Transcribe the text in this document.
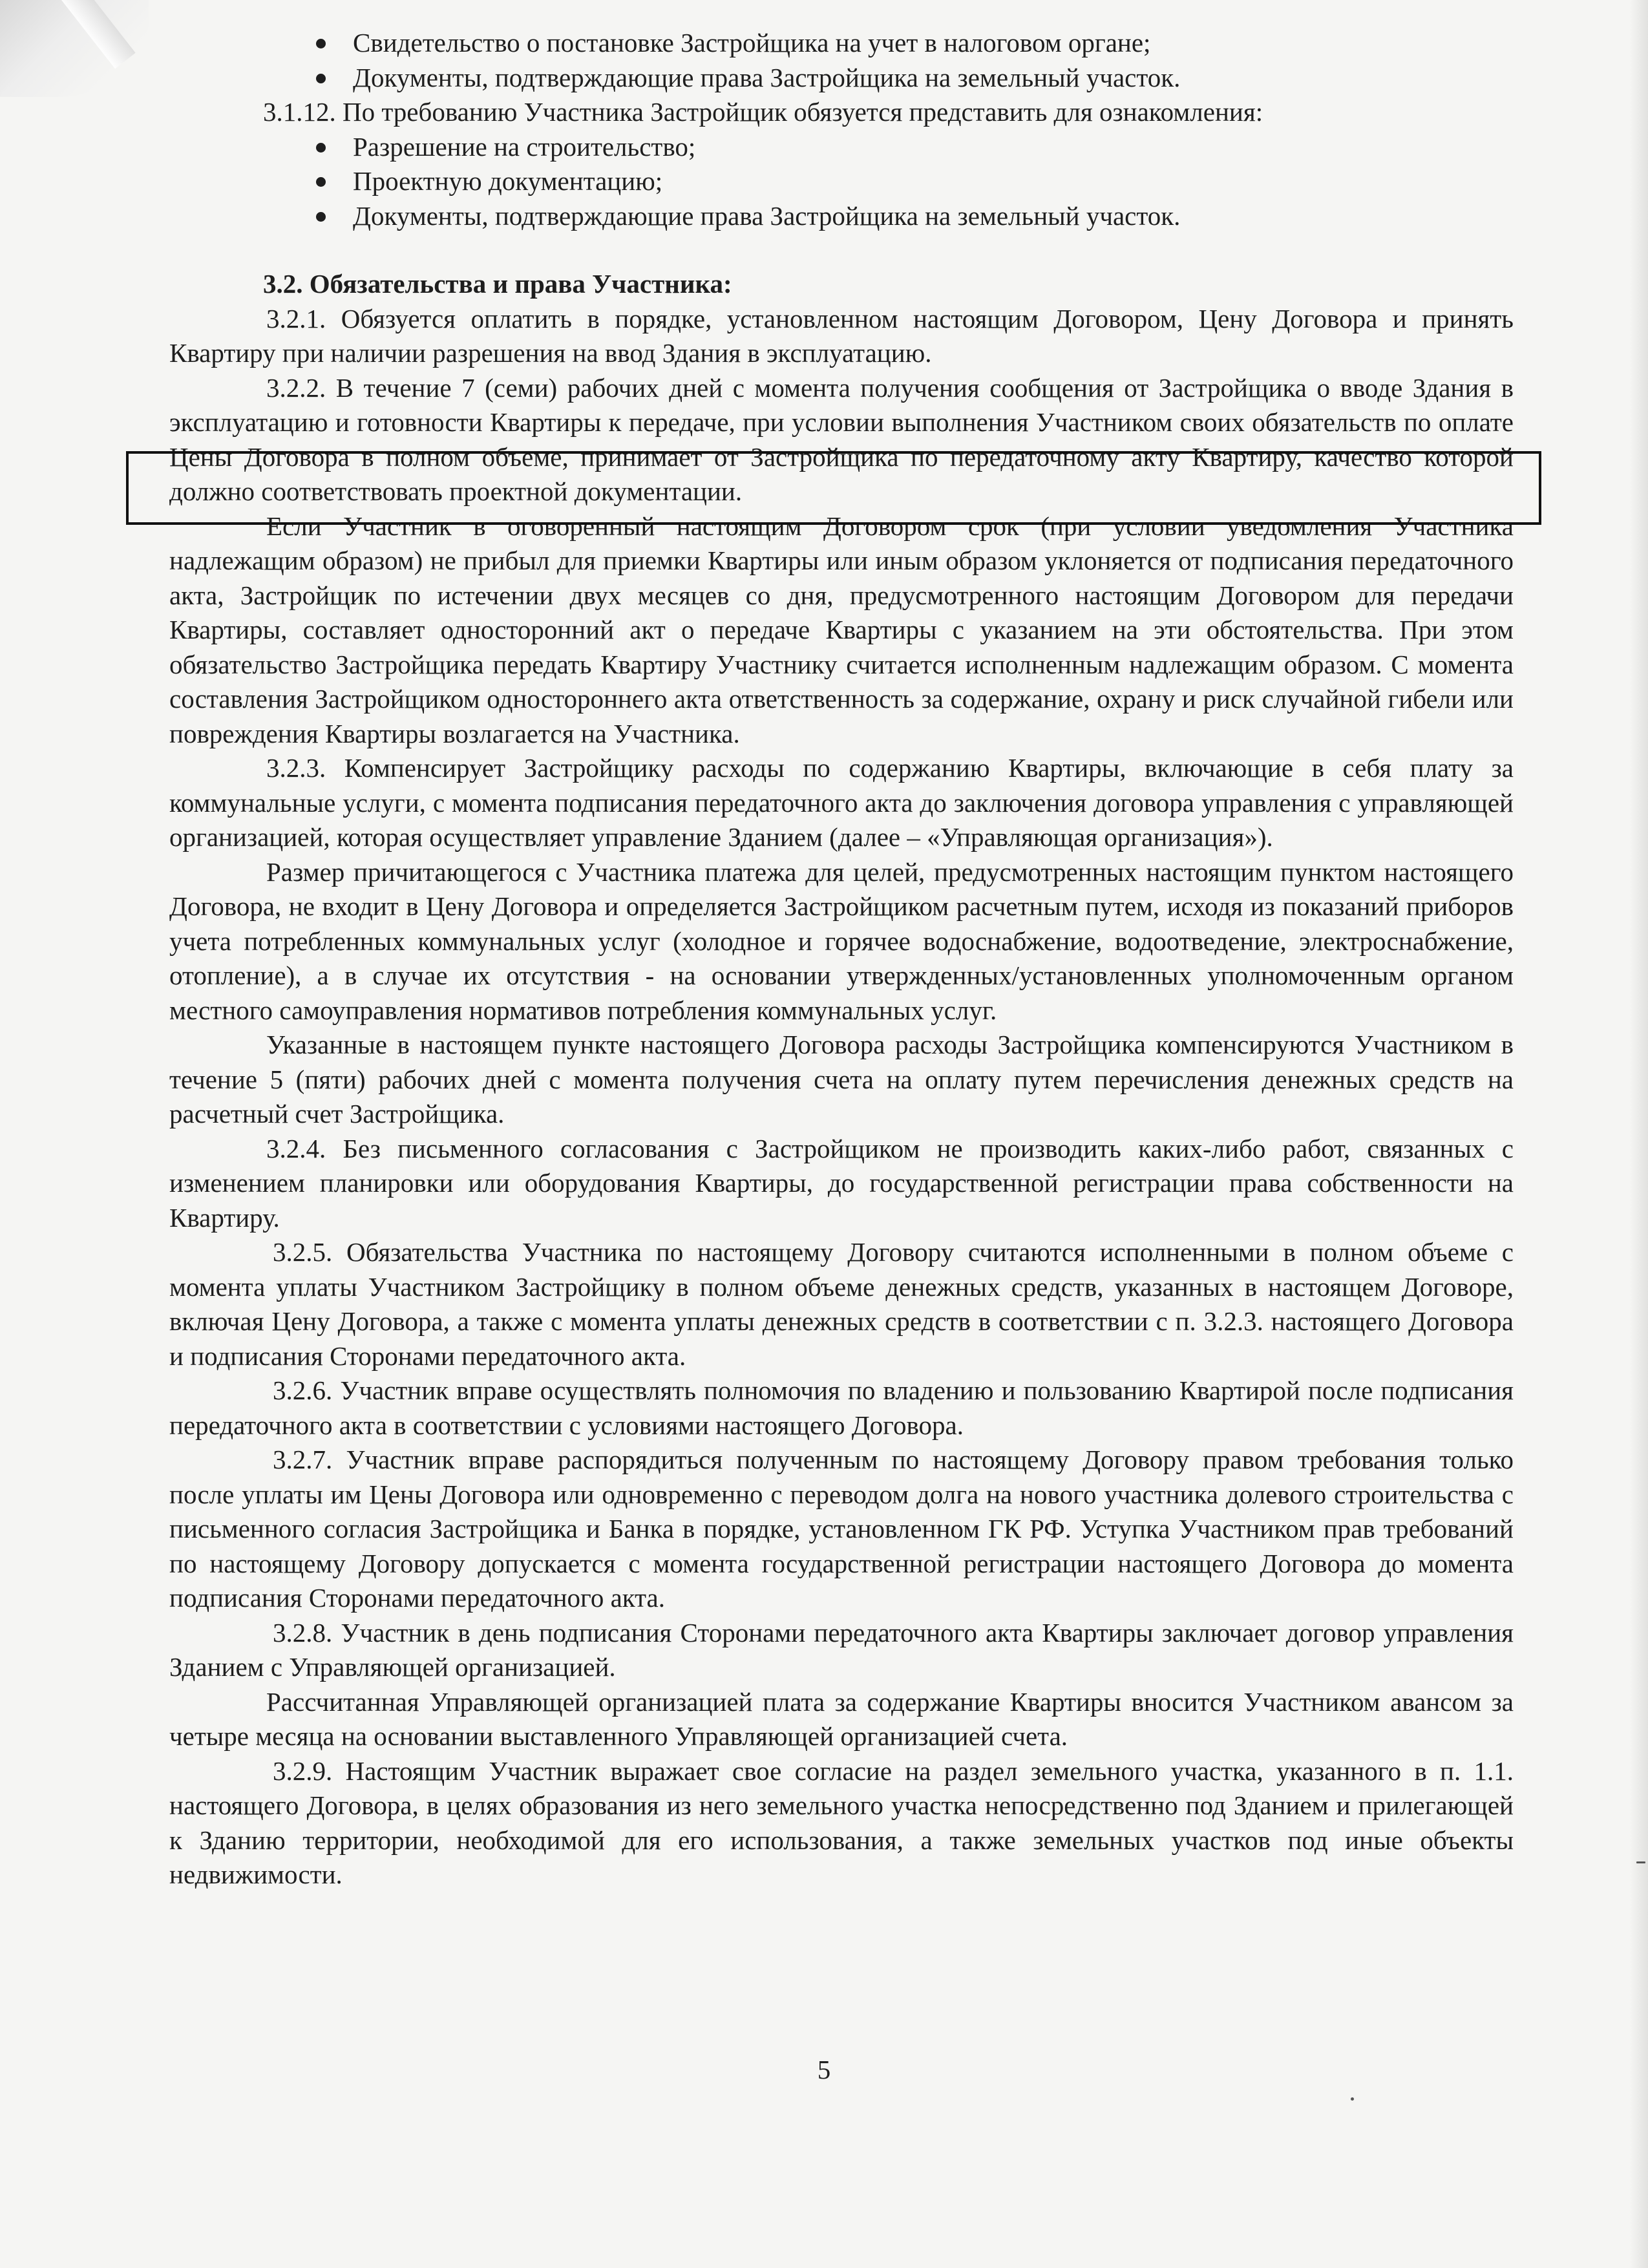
Свидетельство о постановке Застройщика на учет в налоговом органе;
Документы, подтверждающие права Застройщика на земельный участок.

3.1.12. По требованию Участника Застройщик обязуется представить для ознакомления:

Разрешение на строительство;
Проектную документацию;
Документы, подтверждающие права Застройщика на земельный участок.

3.2. Обязательства и права Участника:

3.2.1. Обязуется оплатить в порядке, установленном настоящим Договором, Цену Договора и принять Квартиру при наличии разрешения на ввод Здания в эксплуатацию.

3.2.2. В течение 7 (семи) рабочих дней с момента получения сообщения от Застройщика о вводе Здания в эксплуатацию и готовности Квартиры к передаче, при условии выполнения Участником своих обязательств по оплате Цены Договора в полном объеме, принимает от Застройщика по передаточному акту Квартиру, качество которой должно соответствовать проектной документации.

Если Участник в оговоренный настоящим Договором срок (при условии уведомления Участника надлежащим образом) не прибыл для приемки Квартиры или иным образом уклоняется от подписания передаточного акта, Застройщик по истечении двух месяцев со дня, предусмотренного настоящим Договором для передачи Квартиры, составляет односторонний акт о передаче Квартиры с указанием на эти обстоятельства. При этом обязательство Застройщика передать Квартиру Участнику считается исполненным надлежащим образом. С момента составления Застройщиком одностороннего акта ответственность за содержание, охрану и риск случайной гибели или повреждения Квартиры возлагается на Участника.

3.2.3. Компенсирует Застройщику расходы по содержанию Квартиры, включающие в себя плату за коммунальные услуги, с момента подписания передаточного акта до заключения договора управления с управляющей организацией, которая осуществляет управление Зданием (далее – «Управляющая организация»).

Размер причитающегося с Участника платежа для целей, предусмотренных настоящим пунктом настоящего Договора, не входит в Цену Договора и определяется Застройщиком расчетным путем, исходя из показаний приборов учета потребленных коммунальных услуг (холодное и горячее водоснабжение, водоотведение, электроснабжение, отопление), а в случае их отсутствия - на основании утвержденных/установленных уполномоченным органом местного самоуправления нормативов потребления коммунальных услуг.

Указанные в настоящем пункте настоящего Договора расходы Застройщика компенсируются Участником в течение 5 (пяти) рабочих дней с момента получения счета на оплату путем перечисления денежных средств на расчетный счет Застройщика.

3.2.4. Без письменного согласования с Застройщиком не производить каких-либо работ, связанных с изменением планировки или оборудования Квартиры, до государственной регистрации права собственности на Квартиру.

3.2.5. Обязательства Участника по настоящему Договору считаются исполненными в полном объеме с момента уплаты Участником Застройщику в полном объеме денежных средств, указанных в настоящем Договоре, включая Цену Договора, а также с момента уплаты денежных средств в соответствии с п. 3.2.3. настоящего Договора и подписания Сторонами передаточного акта.

3.2.6. Участник вправе осуществлять полномочия по владению и пользованию Квартирой после подписания передаточного акта в соответствии с условиями настоящего Договора.

3.2.7. Участник вправе распорядиться полученным по настоящему Договору правом требования только после уплаты им Цены Договора или одновременно с переводом долга на нового участника долевого строительства с письменного согласия Застройщика и Банка в порядке, установленном ГК РФ. Уступка Участником прав требований по настоящему Договору допускается с момента государственной регистрации настоящего Договора до момента подписания Сторонами передаточного акта.

3.2.8. Участник в день подписания Сторонами передаточного акта Квартиры заключает договор управления Зданием с Управляющей организацией.

Рассчитанная Управляющей организацией плата за содержание Квартиры вносится Участником авансом за четыре месяца на основании выставленного Управляющей организацией счета.

3.2.9. Настоящим Участник выражает свое согласие на раздел земельного участка, указанного в п. 1.1. настоящего Договора, в целях образования из него земельного участка непосредственно под Зданием и прилегающей к Зданию территории, необходимой для его использования, а также земельных участков под иные объекты недвижимости.

5
